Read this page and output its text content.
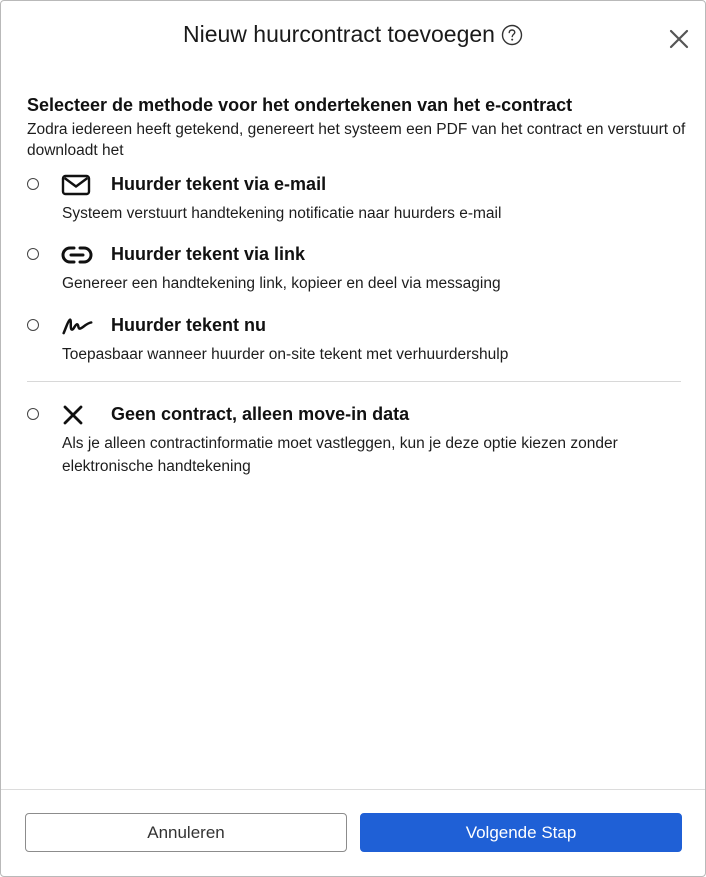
Nieuw huurcontract toevoegen
Selecteer de methode voor het ondertekenen van het e-contract
Zodra iedereen heeft getekend, genereert het systeem een PDF van het contract en verstuurt of downloadt het
Huurder tekent via e-mail
Systeem verstuurt handtekening notificatie naar huurders e-mail
Huurder tekent via link
Genereer een handtekening link, kopieer en deel via messaging
Huurder tekent nu
Toepasbaar wanneer huurder on-site tekent met verhuurdershulp
Geen contract, alleen move-in data
Als je alleen contractinformatie moet vastleggen, kun je deze optie kiezen zonder elektronische handtekening
Annuleren	Volgende Stap
